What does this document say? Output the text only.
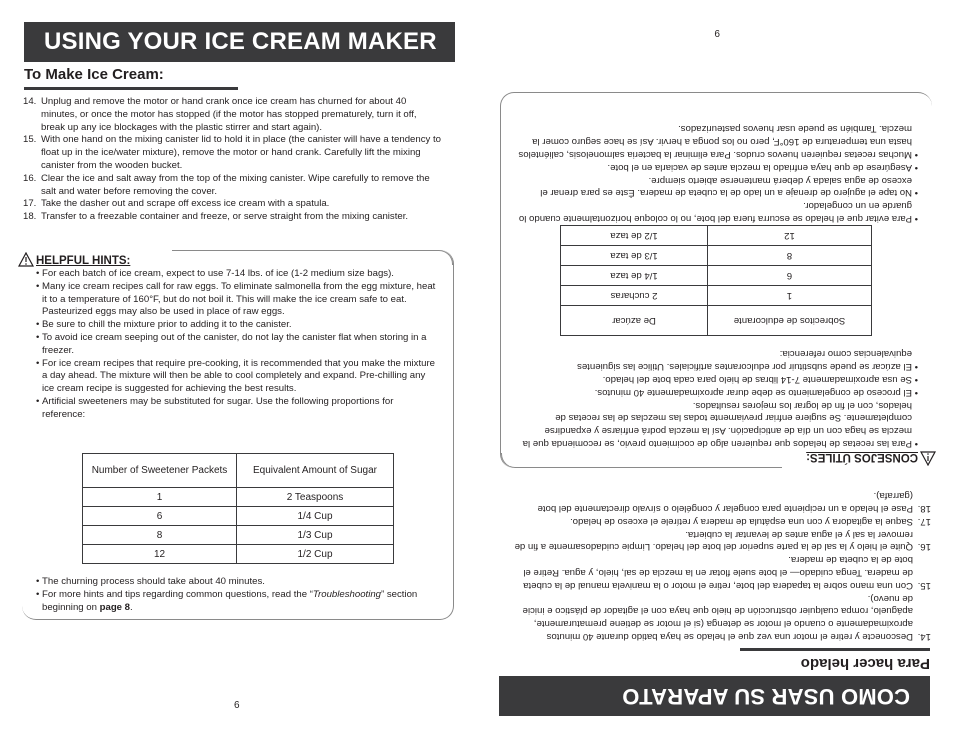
USING YOUR ICE CREAM MAKER
To Make Ice Cream:
14. Unplug and remove the motor or hand crank once ice cream has churned for about 40 minutes, or once the motor has stopped (if the motor has stopped prematurely, turn it off, break up any ice blockages with the plastic stirrer and start again).
15. With one hand on the mixing canister lid to hold it in place (the canister will have a tendency to float up in the ice/water mixture), remove the motor or hand crank. Carefully lift the mixing canister from the wooden bucket.
16. Clear the ice and salt away from the top of the mixing canister. Wipe carefully to remove the salt and water before removing the cover.
17. Take the dasher out and scrape off excess ice cream with a spatula.
18. Transfer to a freezable container and freeze, or serve straight from the mixing canister.
HELPFUL HINTS:
• For each batch of ice cream, expect to use 7-14 lbs. of ice (1-2 medium size bags).
• Many ice cream recipes call for raw eggs. To eliminate salmonella from the egg mixture, heat it to a temperature of 160°F, but do not boil it. This will make the ice cream safe to eat. Pasteurized eggs may also be used in place of raw eggs.
• Be sure to chill the mixture prior to adding it to the canister.
• To avoid ice cream seeping out of the canister, do not lay the canister flat when storing in a freezer.
• For ice cream recipes that require pre-cooking, it is recommended that you make the mixture a day ahead. The mixture will then be able to cool completely and expand. Pre-chilling any ice cream recipe is suggested for achieving the best results.
• Artificial sweeteners may be substituted for sugar. Use the following proportions for reference:
Number of Sweetener Packets	Equivalent Amount of Sugar
1	2 Teaspoons
6	1/4 Cup
8	1/3 Cup
12	1/2 Cup
• The churning process should take about 40 minutes.
• For more hints and tips regarding common questions, read the “Troubleshooting” section beginning on page 8.
6	COMO USAR SU APARATO
Para hacer helado
14.
Desconecte y retire el motor una vez que el helado se haya batido durante 40 minutos aproximadamente o cuando el motor se detenga (si el motor se detiene prematuramente, apáguelo, rompa cualquier obstrucción de hielo que haya con el agitador de plástico e inicie de nuevo).
15.
Con una mano sobre la tapadera del bote, retire el motor o la manivela manual de la cubeta de madera. Tenga cuidado— el bote suele flotar en la mezcla de sal, hielo, y agua. Retire el bote de la cubeta de madera.
16.
Quite el hielo y la sal de la parte superior del bote del helado. Limpie cuidadosamente a fin de remover la sal y el agua antes de levantar la cubierta.
17.
Saque la agitadora y con una espátula de madera y retírele el exceso de helado.
18.
Pase el helado a un recipiente para congelar y congélelo o sírvalo directamente del bote (garrafa).
CONSEJOS ÚTILES:
•
Para las recetas de helados que requieren algo de cocimiento previo, se recomienda que la mezcla se haga con un día de anticipación. Así la mezcla podrá enfriarse y expandirse completamente. Se sugiere enfriar previamente todas las mezclas de las recetas de helados, con el fin de lograr los mejores resultados.
•
El proceso de congelamiento se debe durar aproximadamente 40 minutos.
•
Se usa aproximadamente 7-14 libras de hielo para cada bote del helado.
•
El azúcar se puede substituir por edulcorantes artificiales. Utilice las siguientes equivalencias como referencia:
Sobrecitos de edulcorante	De azúcar
1	2 cucharas
6	1/4 de taza
8	1/3 de taza
12	1/2 de taza
•
Para evitar que el helado se escurra fuera del bote, no lo coloque horizontalmente cuando lo guarde en un congelador.
•
No tape el agujero de drenaje a un lado de la cubeta de madera. Éste es para drenar el exceso de agua salada y deberá mantenerse abierto siempre.
•
Asegúrese de que haya enfriado la mezcla antes de vaciarla en el bote.
•
Muchas recetas requieren huevos crudos. Para eliminar la bacteria salmonelosis, caliéntelos hasta una temperatura de 160°F, pero no los ponga a hervir. Así se hace seguro comer la mezcla. También se puede usar huevos pasteurizados.
9
